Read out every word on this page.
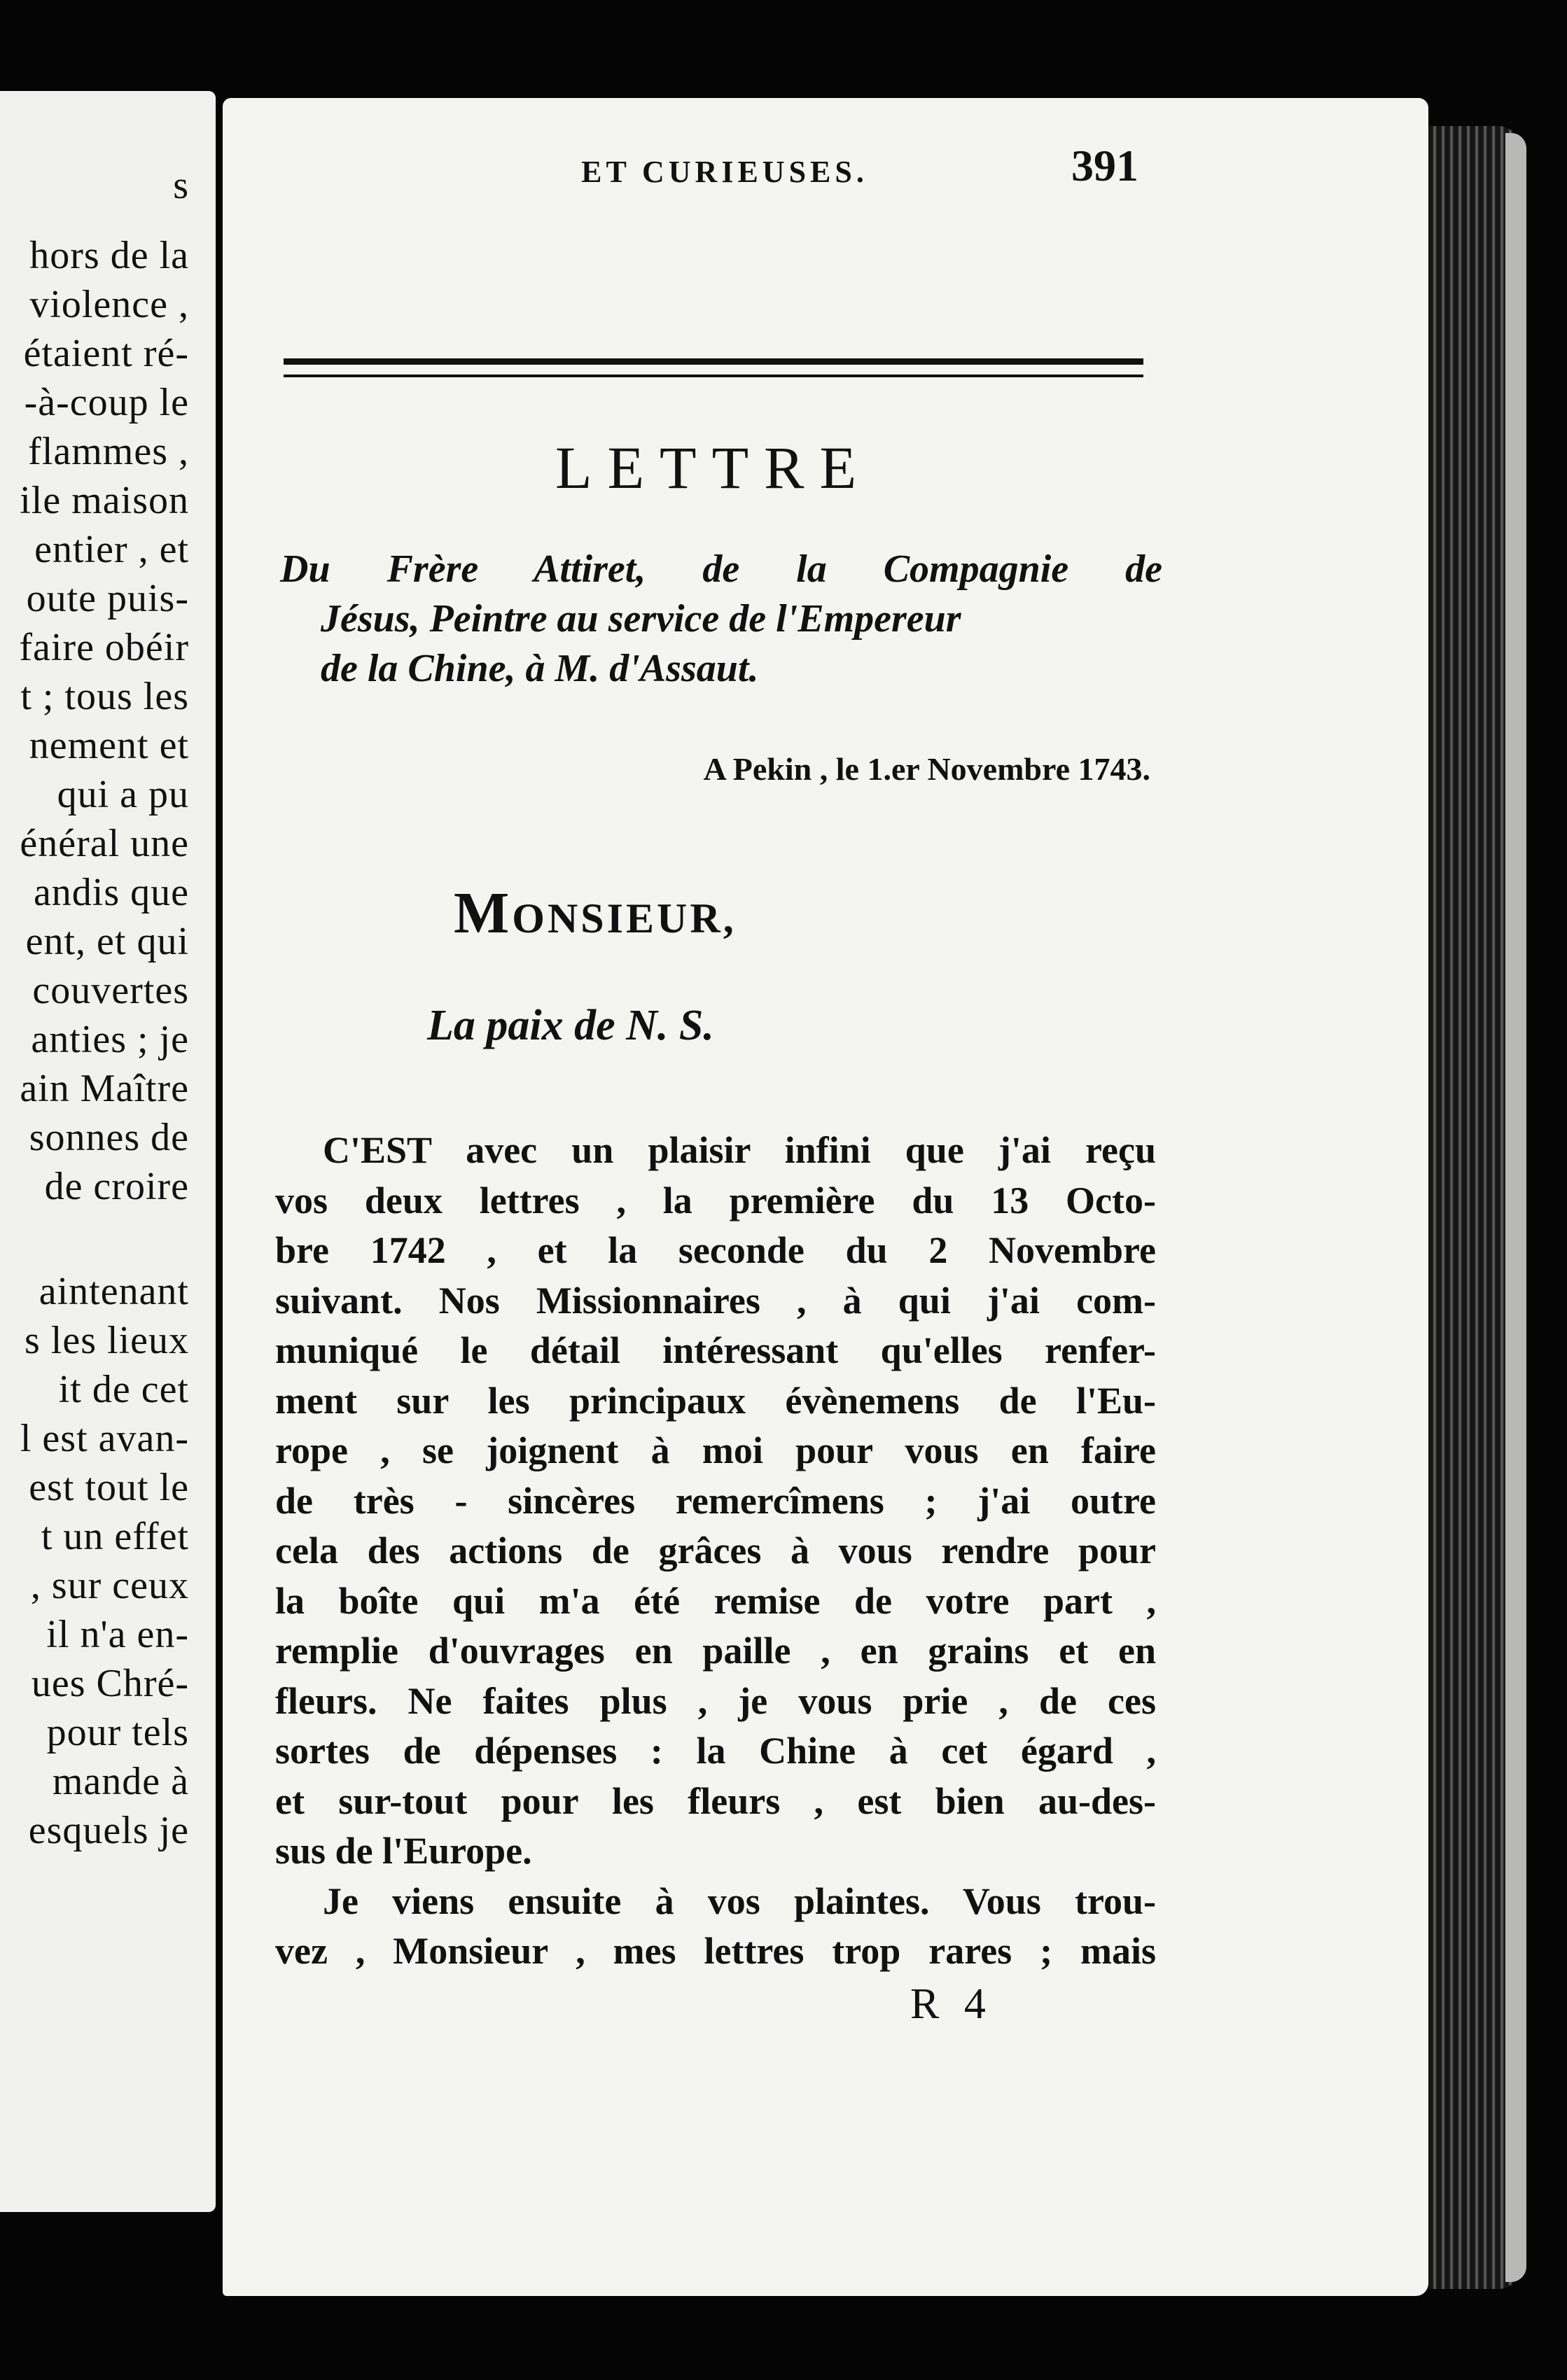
s
hors de la
violence ,
étaient ré-
-à-coup le
flammes ,
ile maison
entier , et
oute puis-
faire obéir
t ; tous les
nement et
qui a pu
énéral une
andis que
ent, et qui
couvertes
anties ; je
ain Maître
sonnes de
de croire
aintenant
s les lieux
it de cet
l est avan-
est tout le
t un effet
, sur ceux
il n'a en-
ues Chré-
pour tels
mande à
esquels je
ET CURIEUSES.	391
LETTRE
Du Frère Attiret, de la Compagnie de
Jésus, Peintre au service de l'Empereur
de la Chine, à M. d'Assaut.
A Pekin , le 1.er Novembre 1743.
MONSIEUR,
La paix de N. S.
C'EST avec un plaisir infini que j'ai reçu
vos deux lettres , la première du 13 Octo-
bre 1742 , et la seconde du 2 Novembre
suivant. Nos Missionnaires , à qui j'ai com-
muniqué le détail intéressant qu'elles renfer-
ment sur les principaux évènemens de l'Eu-
rope , se joignent à moi pour vous en faire
de très - sincères remercîmens ; j'ai outre
cela des actions de grâces à vous rendre pour
la boîte qui m'a été remise de votre part ,
remplie d'ouvrages en paille , en grains et en
fleurs. Ne faites plus , je vous prie , de ces
sortes de dépenses : la Chine à cet égard ,
et sur-tout pour les fleurs , est bien au-des-
sus de l'Europe.
Je viens ensuite à vos plaintes. Vous trou-
vez , Monsieur , mes lettres trop rares ; mais
R 4
